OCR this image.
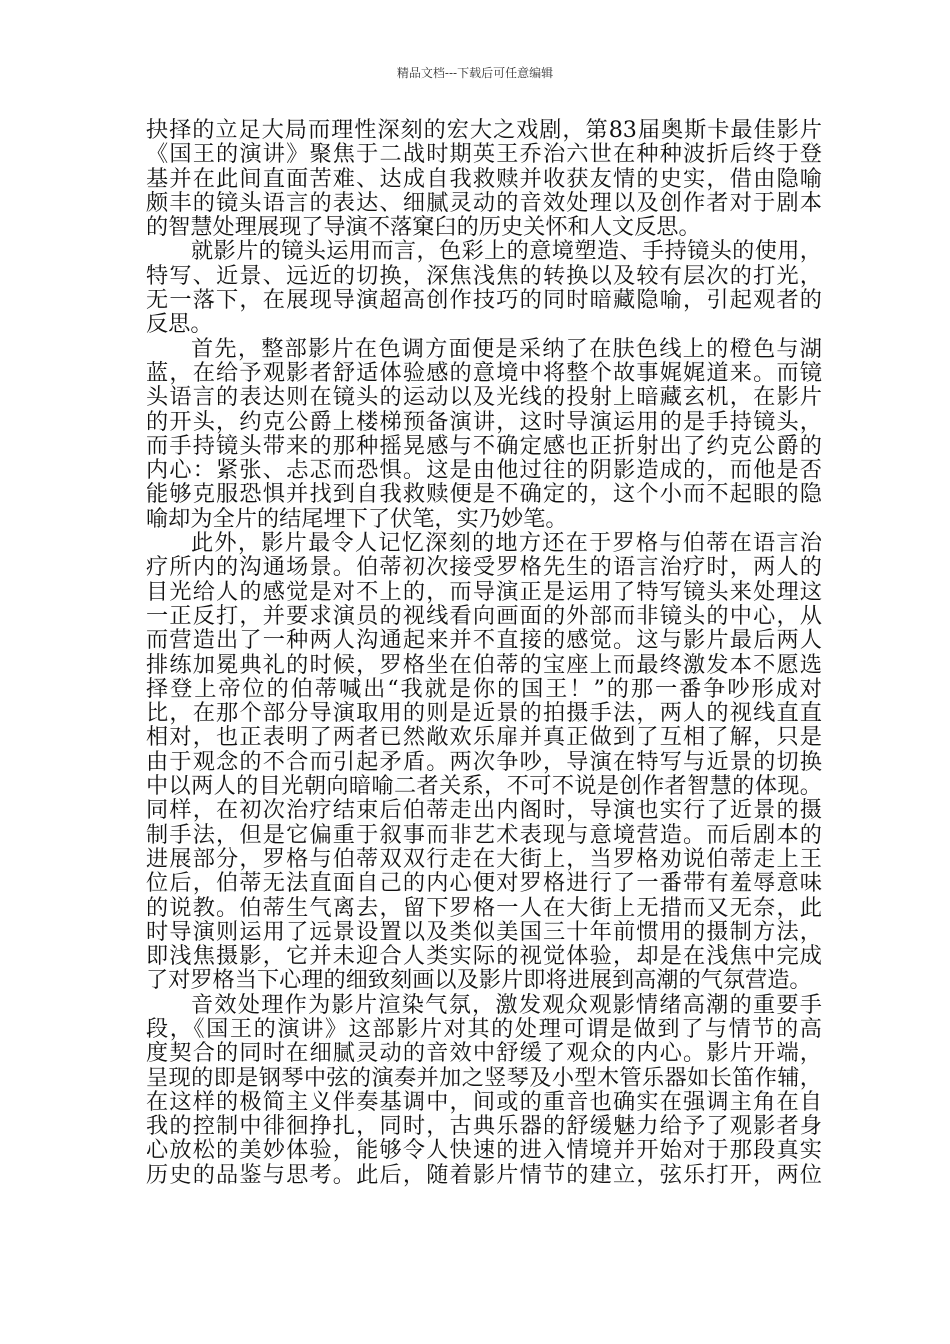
精品文档---下载后可任意编辑
抉择的立足大局而理性深刻的宏大之戏剧，第83届奥斯卡最佳影片
《国王的演讲》聚焦于二战时期英王乔治六世在种种波折后终于登
基并在此间直面苦难、达成自我救赎并收获友情的史实，借由隐喻
颇丰的镜头语言的表达、细腻灵动的音效处理以及创作者对于剧本
的智慧处理展现了导演不落窠臼的历史关怀和人文反思。
就影片的镜头运用而言，色彩上的意境塑造、手持镜头的使用，
特写、近景、远近的切换，深焦浅焦的转换以及较有层次的打光，
无一落下，在展现导演超高创作技巧的同时暗藏隐喻，引起观者的
反思。
首先，整部影片在色调方面便是采纳了在肤色线上的橙色与湖
蓝，在给予观影者舒适体验感的意境中将整个故事娓娓道来。而镜
头语言的表达则在镜头的运动以及光线的投射上暗藏玄机，在影片
的开头，约克公爵上楼梯预备演讲，这时导演运用的是手持镜头，
而手持镜头带来的那种摇晃感与不确定感也正折射出了约克公爵的
内心：紧张、忐忑而恐惧。这是由他过往的阴影造成的，而他是否
能够克服恐惧并找到自我救赎便是不确定的，这个小而不起眼的隐
喻却为全片的结尾埋下了伏笔，实乃妙笔。
此外，影片最令人记忆深刻的地方还在于罗格与伯蒂在语言治
疗所内的沟通场景。伯蒂初次接受罗格先生的语言治疗时，两人的
目光给人的感觉是对不上的，而导演正是运用了特写镜头来处理这
一正反打，并要求演员的视线看向画面的外部而非镜头的中心，从
而营造出了一种两人沟通起来并不直接的感觉。这与影片最后两人
排练加冕典礼的时候，罗格坐在伯蒂的宝座上而最终激发本不愿选
择登上帝位的伯蒂喊出“我就是你的国王！”的那一番争吵形成对
比，在那个部分导演取用的则是近景的拍摄手法，两人的视线直直
相对，也正表明了两者已然敞欢乐扉并真正做到了互相了解，只是
由于观念的不合而引起矛盾。两次争吵，导演在特写与近景的切换
中以两人的目光朝向暗喻二者关系，不可不说是创作者智慧的体现。
同样，在初次治疗结束后伯蒂走出内阁时，导演也实行了近景的摄
制手法，但是它偏重于叙事而非艺术表现与意境营造。而后剧本的
进展部分，罗格与伯蒂双双行走在大街上，当罗格劝说伯蒂走上王
位后，伯蒂无法直面自己的内心便对罗格进行了一番带有羞辱意味
的说教。伯蒂生气离去，留下罗格一人在大街上无措而又无奈，此
时导演则运用了远景设置以及类似美国三十年前惯用的摄制方法，
即浅焦摄影，它并未迎合人类实际的视觉体验，却是在浅焦中完成
了对罗格当下心理的细致刻画以及影片即将进展到高潮的气氛营造。
音效处理作为影片渲染气氛，激发观众观影情绪高潮的重要手
段，《国王的演讲》这部影片对其的处理可谓是做到了与情节的高
度契合的同时在细腻灵动的音效中舒缓了观众的内心。影片开端，
呈现的即是钢琴中弦的演奏并加之竖琴及小型木管乐器如长笛作辅，
在这样的极简主义伴奏基调中，间或的重音也确实在强调主角在自
我的控制中徘徊挣扎，同时，古典乐器的舒缓魅力给予了观影者身
心放松的美妙体验，能够令人快速的进入情境并开始对于那段真实
历史的品鉴与思考。此后，随着影片情节的建立，弦乐打开，两位
